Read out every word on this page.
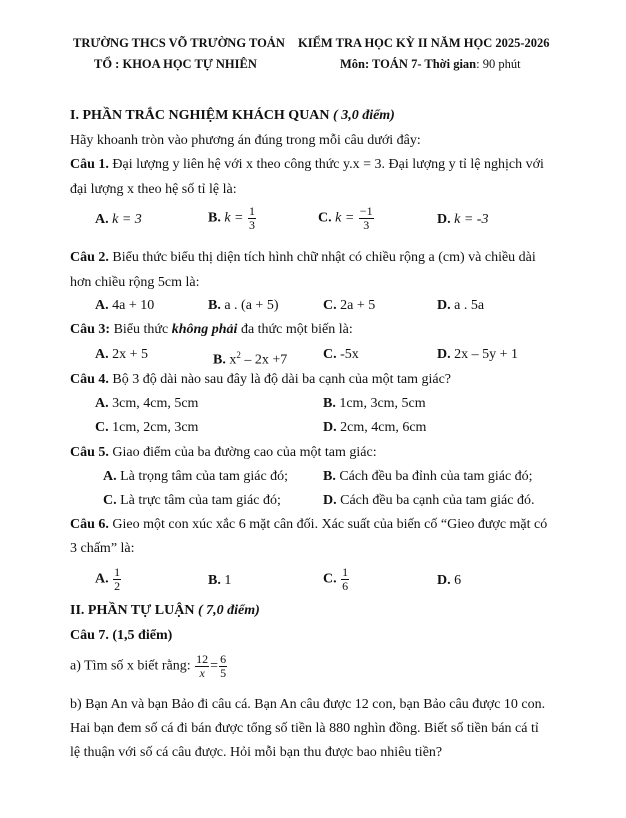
TRƯỜNG THCS VÕ TRƯỜNG TOẢN KIỂM TRA HỌC KỲ II NĂM HỌC 2025-2026
TỔ : KHOA HỌC TỰ NHIÊN	Môn: TOÁN 7- Thời gian: 90 phút
I. PHẦN TRẮC NGHIỆM KHÁCH QUAN ( 3,0 điểm)
Hãy khoanh tròn vào phương án đúng trong mỗi câu dưới đây:
Câu 1. Đại lượng y liên hệ với x theo công thức y.x = 3. Đại lượng y tỉ lệ nghịch với
đại lượng x theo hệ số tỉ lệ là:
A. k = 3	B. $k = \frac{1}{3}$	C. $k = \frac{-1}{3}$	D. k = -3
Câu 2. Biểu thức biểu thị diện tích hình chữ nhật có chiều rộng a (cm) và chiều dài
hơn chiều rộng 5cm là:
A. 4a + 10	B. a . (a + 5)	C. 2a + 5	D. a . 5a
Câu 3: Biểu thức không phải đa thức một biến là:
A. 2x + 5	B. $x^2 - 2x +7$	C. -5x	D. 2x – 5y + 1
Câu 4. Bộ 3 độ dài nào sau đây là độ dài ba cạnh của một tam giác?
A. 3cm, 4cm, 5cm	B. 1cm, 3cm, 5cm
C. 1cm, 2cm, 3cm	D. 2cm, 4cm, 6cm
Câu 5. Giao điểm của ba đường cao của một tam giác:
A. Là trọng tâm của tam giác đó; B. Cách đều ba đỉnh của tam giác đó;
C. Là trực tâm của tam giác đó;	D. Cách đều ba cạnh của tam giác đó.
Câu 6. Gieo một con xúc xắc 6 mặt cân đối. Xác suất của biến cố “Gieo được mặt có
3 chấm” là:
A. $\frac{1}{2}$	B. 1	C. $\frac{1}{6}$	D. 6
II. PHẦN TỰ LUẬN ( 7,0 điểm)
Câu 7. (1,5 điểm)
a) Tìm số x biết rằng: $\frac{12}{x} = \frac{6}{5}$
b) Bạn An và bạn Bảo đi câu cá. Bạn An câu được 12 con, bạn Bảo câu được 10 con.
Hai bạn đem số cá đi bán được tổng số tiền là 880 nghìn đồng. Biết số tiền bán cá tỉ
lệ thuận với số cá câu được. Hỏi mỗi bạn thu được bao nhiêu tiền?
